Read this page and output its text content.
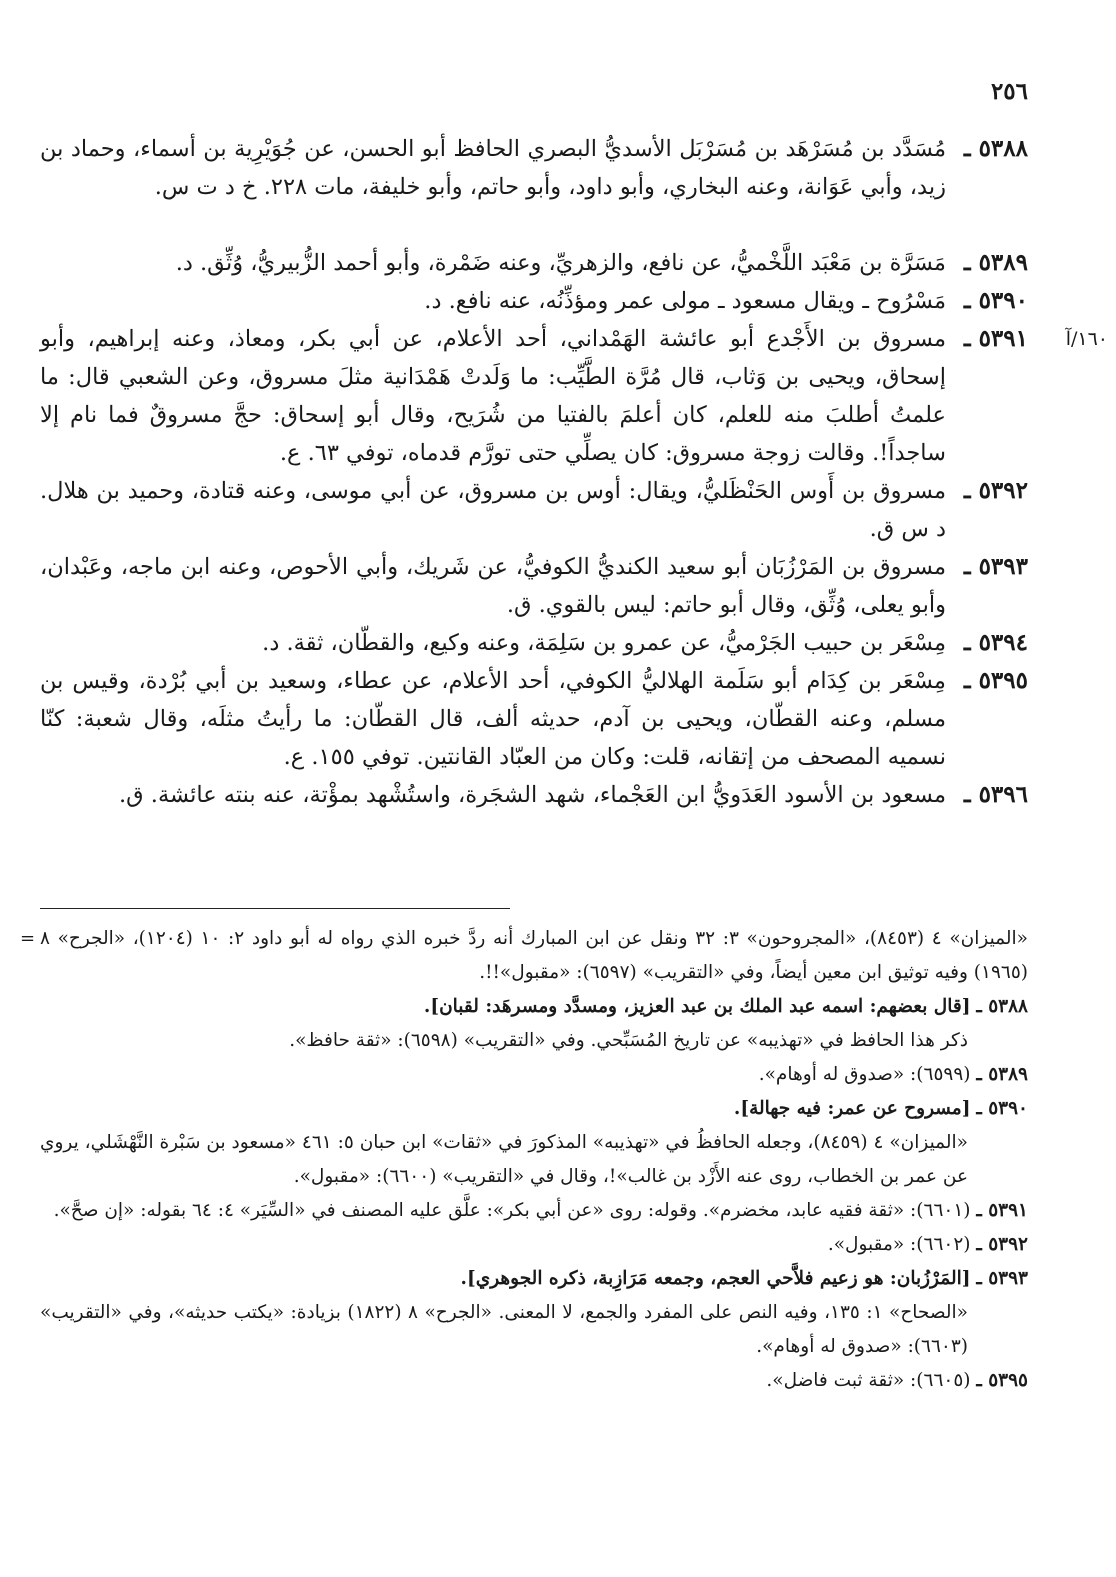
٢٥٦

٥٣٨٨ ـ
مُسَدَّد بن مُسَرْهَد بن مُسَرْبَل الأسديُّ البصري الحافظ أبو الحسن، عن جُوَيْرِية بن أسماء، وحماد بن زيد، وأبي عَوَانة، وعنه البخاري، وأبو داود، وأبو حاتم، وأبو خليفة، مات ٢٢٨. خ د ت س.

٥٣٨٩ ـ
مَسَرَّة بن مَعْبَد اللَّخْميُّ، عن نافع، والزهريِّ، وعنه ضَمْرة، وأبو أحمد الزُّبيريُّ، وُثِّق. د.

٥٣٩٠ ـ
مَسْرُوح ـ ويقال مسعود ـ مولى عمر ومؤذِّنُه، عنه نافع. د.

١٦٠/آ
٥٣٩١ ـ
مسروق بن الأَجْدع أبو عائشة الهَمْداني، أحد الأعلام، عن أبي بكر، ومعاذ، وعنه إبراهيم، وأبو إسحاق، ويحيى بن وَثاب، قال مُرَّة الطَّيِّب: ما وَلَدتْ هَمْدَانية مثلَ مسروق، وعن الشعبي قال: ما علمتُ أطلبَ منه للعلم، كان أعلمَ بالفتيا من شُرَيح، وقال أبو إسحاق: حجَّ مسروقٌ فما نام إلا ساجداً!. وقالت زوجة مسروق: كان يصلِّي حتى تورَّم قدماه، توفي ٦٣. ع.

٥٣٩٢ ـ
مسروق بن أَوس الحَنْظَليُّ، ويقال: أوس بن مسروق، عن أبي موسى، وعنه قتادة، وحميد بن هلال. د س ق.

٥٣٩٣ ـ
مسروق بن المَرْزُبَان أبو سعيد الكنديُّ الكوفيُّ، عن شَريك، وأبي الأحوص، وعنه ابن ماجه، وعَبْدان، وأبو يعلى، وُثِّق، وقال أبو حاتم: ليس بالقوي. ق.

٥٣٩٤ ـ
مِسْعَر بن حبيب الجَرْميُّ، عن عمرو بن سَلِمَة، وعنه وكيع، والقطّان، ثقة. د.

٥٣٩٥ ـ
مِسْعَر بن كِدَام أبو سَلَمة الهلاليُّ الكوفي، أحد الأعلام، عن عطاء، وسعيد بن أبي بُرْدة، وقيس بن مسلم، وعنه القطّان، ويحيى بن آدم، حديثه ألف، قال القطّان: ما رأيتُ مثلَه، وقال شعبة: كنّا نسميه المصحف من إتقانه، قلت: وكان من العبّاد القانتين. توفي ١٥٥. ع.

٥٣٩٦ ـ
مسعود بن الأسود العَدَويُّ ابن العَجْماء، شهد الشجَرة، واستُشْهد بمؤْتة، عنه بنته عائشة. ق.

= «الميزان» ٤ (٨٤٥٣)، «المجروحون» ٣: ٣٢ ونقل عن ابن المبارك أنه ردَّ خبره الذي رواه له أبو داود ٢: ١٠ (١٢٠٤)، «الجرح» ٨ (١٩٦٥) وفيه توثيق ابن معين أيضاً، وفي «التقريب» (٦٥٩٧): «مقبول»!!.

٥٣٨٨ ـ [قال بعضهم: اسمه عبد الملك بن عبد العزيز، ومسدَّد ومسرهَد: لقبان].

ذكر هذا الحافظ في «تهذيبه» عن تاريخ المُسَبِّحي. وفي «التقريب» (٦٥٩٨): «ثقة حافظ».

٥٣٨٩ ـ (٦٥٩٩): «صدوق له أوهام».

٥٣٩٠ ـ [مسروح عن عمر: فيه جهالة].

«الميزان» ٤ (٨٤٥٩)، وجعله الحافظُ في «تهذيبه» المذكورَ في «ثقات» ابن حبان ٥: ٤٦١ «مسعود بن سَبْرة النَّهْشَلي، يروي عن عمر بن الخطاب، روى عنه الأَزْد بن غالب»!، وقال في «التقريب» (٦٦٠٠): «مقبول».

٥٣٩١ ـ (٦٦٠١): «ثقة فقيه عابد، مخضرم». وقوله: روى «عن أبي بكر»: علَّق عليه المصنف في «السِّيَر» ٤: ٦٤ بقوله: «إن صحَّ».

٥٣٩٢ ـ (٦٦٠٢): «مقبول».

٥٣٩٣ ـ [المَرْزُبان: هو زعيم فلاَّحي العجم، وجمعه مَرَازِبة، ذكره الجوهري].

«الصحاح» ١: ١٣٥، وفيه النص على المفرد والجمع، لا المعنى. «الجرح» ٨ (١٨٢٢) بزيادة: «يكتب حديثه»، وفي «التقريب» (٦٦٠٣): «صدوق له أوهام».

٥٣٩٥ ـ (٦٦٠٥): «ثقة ثبت فاضل».
